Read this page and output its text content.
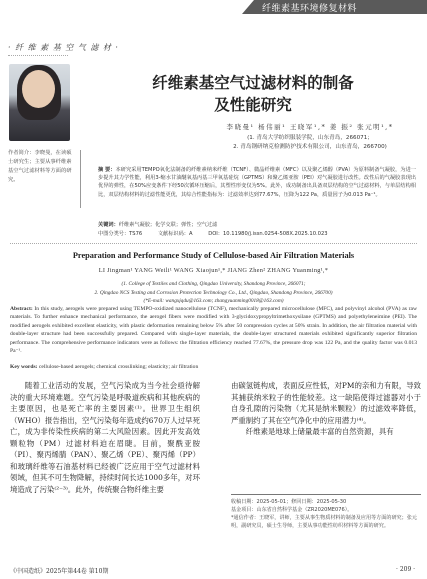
纤维素基环境修复材料
· 纤 维 素 基 空 气 滤 材 ·
作者简介：李晓曼，在读硕士研究生；主要从事纤维素基空气过滤材料等方面的研究。
纤维素基空气过滤材料的制备
及性能研究
李晓曼¹ 杨伟丽¹ 王晓军¹,* 姜 振² 张元明¹,*
(1. 青岛大学纺织服装学院，山东青岛，266071；
2. 青岛钢研纳克检测防护技术有限公司，山东青岛，266700)
摘 要：本研究采用TEMPO氧化法制备的纤维素纳米纤维（TCNF）、微晶纤维素（MFC）以及聚乙烯醇（PVA）为原料制备气凝胶，为进一步提升其力学性能，利用3-缩水甘油醚氧基丙基三甲氧基硅烷（GPTMS）和聚乙烯亚胺（PEI）对气凝胶进行改性。改性后的气凝胶表现出优异的弹性，在50%应变条件下经50次循环压缩后，其塑性形变仅为5%。此外，成功制备出具备双层结构的空气过滤材料，与单层结构相比，双层结构材料的过滤性能更优，其综合性能指标为：过滤效率达到77.67%，压降为122 Pa，质量因子为0.013 Pa⁻¹。
关键词：纤维素气凝胶；化学交联；弹性；空气过滤
中图分类号：TS76	文献标识码：A	DOI：10.11980/j.issn.0254-508X.2025.10.023
Preparation and Performance Study of Cellulose-based Air Filtration Materials
LI Jingman¹ YANG Weili¹ WANG Xiaojun¹,* JIANG Zhen² ZHANG Yuanming¹,*
(1. College of Textiles and Clothing, Qingdao University, Shandong Province, 266071;
2. Qingdao NCS Testing and Corrosion Protection Technology Co., Ltd., Qingdao, Shandong Province, 266700)
(*E-mail: wangxjqdu@163.com; zhangyuanming0018@163.com)
Abstract: In this study, aerogels were prepared using TEMPO-oxidized nanocellulose (TCNF), mechanically prepared microcellulose (MFC), and polyvinyl alcohol (PVA) as raw materials. To further enhance mechanical performance, the aerogel fibers were modified with 3-glycidoxypropyltrimethoxysilane (GPTMS) and polyethyleneimine (PEI). The modified aerogels exhibited excellent elasticity, with plastic deformation remaining below 5% after 50 compression cycles at 50% strain. In addition, the air filtration material with double-layer structure had been successfully prepared. Compared with single-layer materials, the double-layer structured materials exhibited significantly superior filtration performance. The comprehensive performance indicators were as follows: the filtration efficiency reached 77.67%, the pressure drop was 122 Pa, and the quality factor was 0.013 Pa⁻¹.
Key words: cellulose-based aerogels; chemical crosslinking; elasticity; air filtration
随着工业活动的发展，空气污染成为当今社会亟待解决的重大环境难题。空气污染是呼吸道疾病和其他疾病的主要原因，也是死亡率的主要因素⁽¹⁾。世界卫生组织（WHO）报告指出，空气污染每年造成约670万人过早死亡，成为非传染性疾病的第二大风险因素。因此开发高效颗粒物（PM）过滤材料迫在眉睫。目前，聚酰亚胺（PI）、聚丙烯腈（PAN）、聚乙烯（PE）、聚丙烯（PP）和玻璃纤维等石油基材料已经被广泛应用于空气过滤材料领域，但其不可生物降解，持续时间长达1000多年，对环境造成了污染⁽²⁻³⁾。此外，传统聚合物纤维主要
由碳氢链构成，表面反应性低，对PM的亲和力有限，导致其捕获纳米粒子的性能较差。这一缺陷使得过滤器对小于自身孔隙的污染物（尤其是纳米颗粒）的过滤效率降低，严重制约了其在空气净化中的应用潜力⁽⁴⁾。
纤维素是地球上储量最丰富的自然资源，具有
收稿日期：2025-05-01；修回日期：2025-05-30
基金项目：山东省自然科学基金（ZR2020ME076）。
*通信作者：王晓军，讲师，主要从事生物质材料的制备及应用等方面的研究；张元明，副研究员，硕士生导师，主要从事功能性纺织材料等方面的研究。
《中国造纸》2025年第44卷 第10期	· 209 ·
